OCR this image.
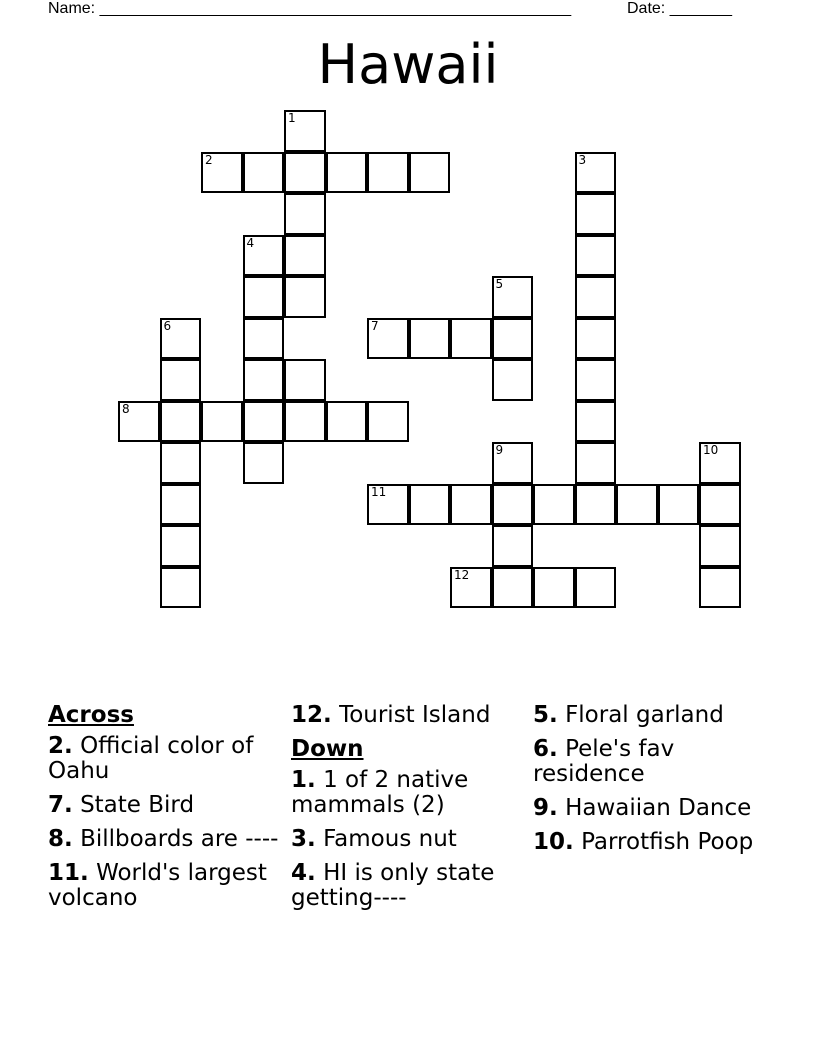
Name: _____________________________________________________	Date: _______
Hawaii
1
2	3
4
5
6	7
8
9	10
11
12
Across
2. Official color of Oahu
7. State Bird
8. Billboards are ----
11. World's largest volcano
12. Tourist Island
Down
1. 1 of 2 native mammals (2)
3. Famous nut
4. HI is only state getting----
5. Floral garland
6. Pele's fav residence
9. Hawaiian Dance
10. Parrotfish Poop
